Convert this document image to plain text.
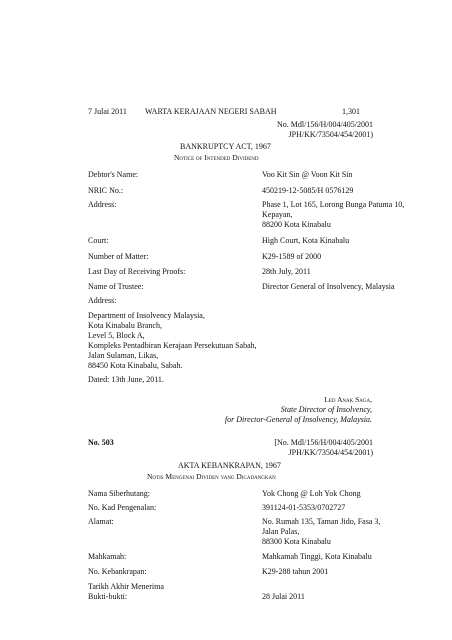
7 Julai 2011 WARTA KERAJAAN NEGERI SABAH	1,301
No. Mdl/156/H/004/405/2001
JPH/KK/73504/454/2001)
BANKRUPTCY ACT, 1967
Notice of Intended Dividend
Debtor's Name:	Voo Kit Sin @ Voon Kit Sin
NRIC No.:	450219-12-5085/H 0576129
Address:	Phase 1, Lot 165, Lorong Bunga Patuma 10,
Kepayan,
88200 Kota Kinabalu
Court:	High Court, Kota Kinabalu
Number of Matter:	K29-1589 of 2000
Last Day of Receiving Proofs:	28th July, 2011
Name of Trustee:	Director General of Insolvency, Malaysia
Address:
Department of Insolvency Malaysia,
Kota Kinabalu Branch,
Level 5, Block A,
Kompleks Pentadbiran Kerajaan Persekutuan Sabah,
Jalan Sulaman, Likas,
88450 Kota Kinabalu, Sabah.
Dated: 13th June, 2011.
Led Anak Saga,
State Director of Insolvency,
for Director-General of Insolvency, Malaysia.
No. 503	[No. Mdl/156/H/004/405/2001
JPH/KK/73504/454/2001)
AKTA KEBANKRAPAN, 1967
Notis Mengenai Dividen yang Dicadangkan
Nama Siberhutang:	Yok Chong @ Loh Yok Chong
No. Kad Pengenalan:	391124-01-5353/0702727
Alamat:	No. Rumah 135, Taman Jido, Fasa 3,
Jalan Palas,
88300 Kota Kinabalu
Mahkamah:	Mahkamah Tinggi, Kota Kinabalu
No. Kebankrapan:	K29-288 tahun 2001
Tarikh Akhir Menerima
Bukti-bukti:	28 Julai 2011
